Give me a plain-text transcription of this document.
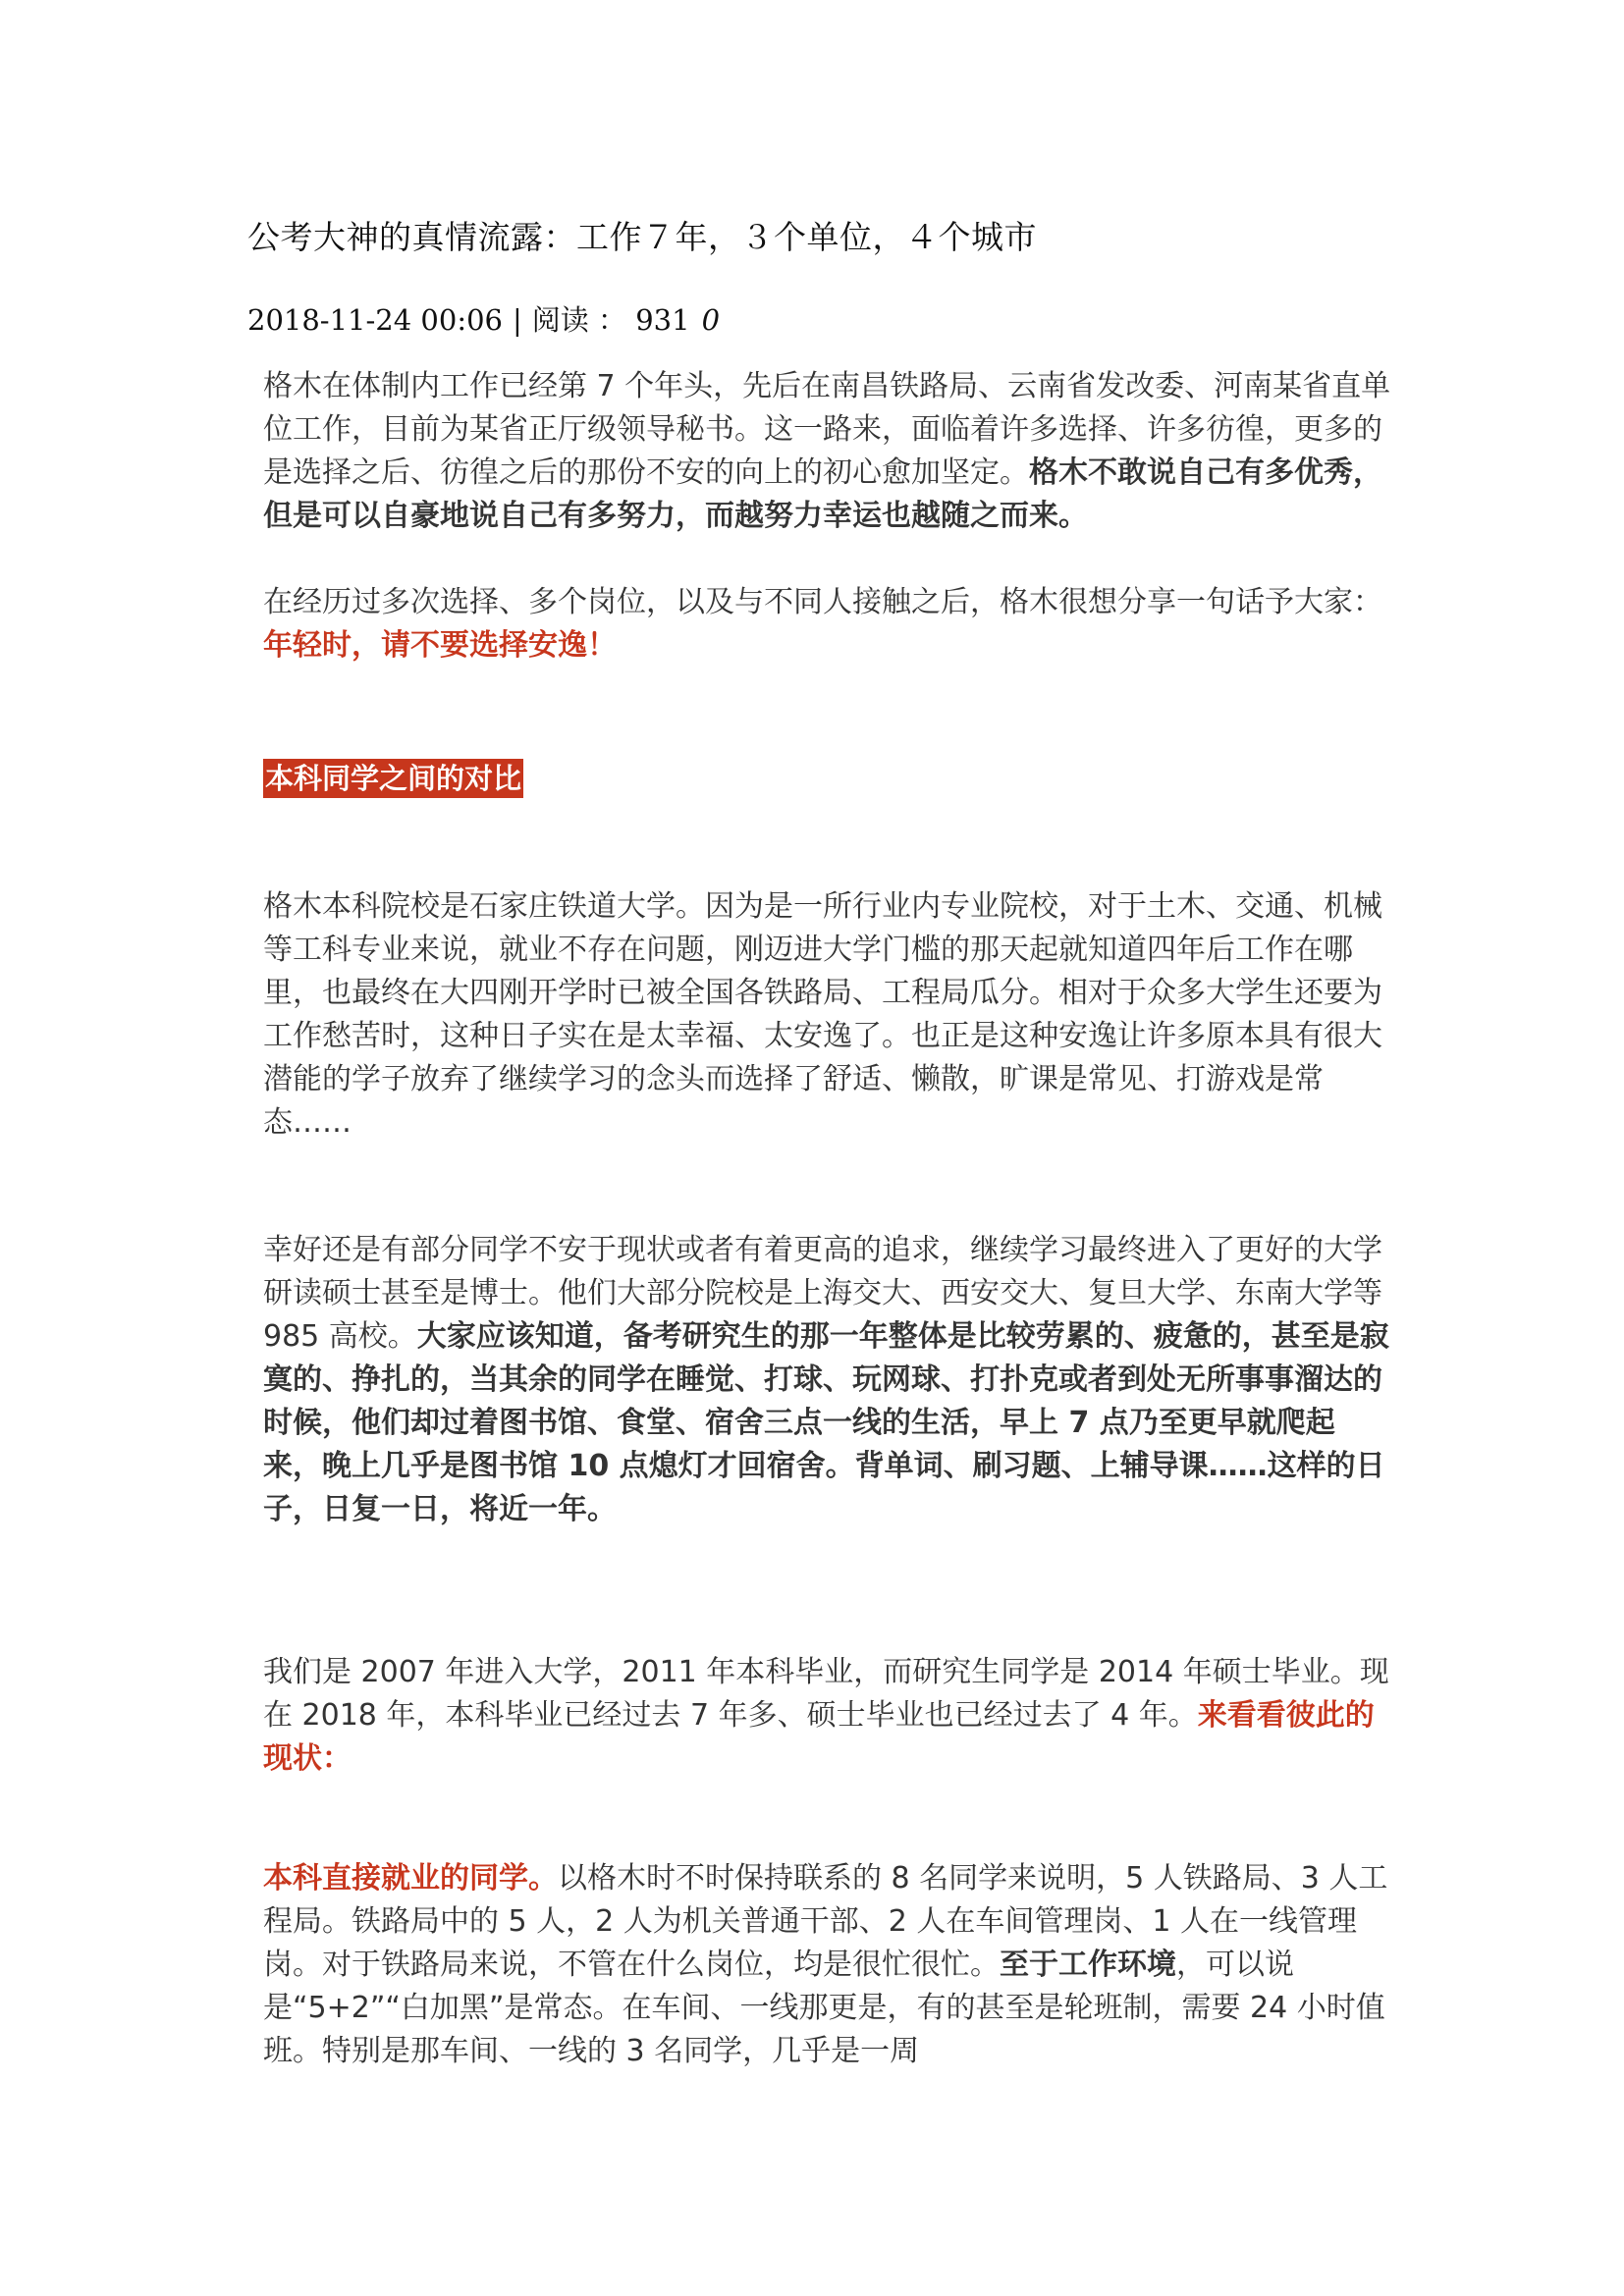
公考大神的真情流露：工作７年，３个单位，４个城市
2018-11-24 00:06 | 阅读 ： 931 0
格木在体制内工作已经第 7 个年头，先后在南昌铁路局、云南省发改委、河南某省直单位工作，目前为某省正厅级领导秘书。这一路来，面临着许多选择、许多彷徨，更多的是选择之后、彷徨之后的那份不安的向上的初心愈加坚定。格木不敢说自己有多优秀，但是可以自豪地说自己有多努力，而越努力幸运也越随之而来。
在经历过多次选择、多个岗位，以及与不同人接触之后，格木很想分享一句话予大家：年轻时，请不要选择安逸！
本科同学之间的对比
格木本科院校是石家庄铁道大学。因为是一所行业内专业院校，对于土木、交通、机械等工科专业来说，就业不存在问题，刚迈进大学门槛的那天起就知道四年后工作在哪里，也最终在大四刚开学时已被全国各铁路局、工程局瓜分。相对于众多大学生还要为工作愁苦时，这种日子实在是太幸福、太安逸了。也正是这种安逸让许多原本具有很大潜能的学子放弃了继续学习的念头而选择了舒适、懒散，旷课是常见、打游戏是常态……
幸好还是有部分同学不安于现状或者有着更高的追求，继续学习最终进入了更好的大学研读硕士甚至是博士。他们大部分院校是上海交大、西安交大、复旦大学、东南大学等 985 高校。大家应该知道，备考研究生的那一年整体是比较劳累的、疲惫的，甚至是寂寞的、挣扎的，当其余的同学在睡觉、打球、玩网球、打扑克或者到处无所事事溜达的时候，他们却过着图书馆、食堂、宿舍三点一线的生活，早上 7 点乃至更早就爬起来，晚上几乎是图书馆 10 点熄灯才回宿舍。背单词、刷习题、上辅导课……这样的日子，日复一日，将近一年。
我们是 2007 年进入大学，2011 年本科毕业，而研究生同学是 2014 年硕士毕业。现在 2018 年，本科毕业已经过去 7 年多、硕士毕业也已经过去了 4 年。来看看彼此的现状：
本科直接就业的同学。以格木时不时保持联系的 8 名同学来说明，5 人铁路局、3 人工程局。铁路局中的 5 人，2 人为机关普通干部、2 人在车间管理岗、1 人在一线管理岗。对于铁路局来说，不管在什么岗位，均是很忙很忙。至于工作环境，可以说是“5+2”“白加黑”是常态。在车间、一线那更是，有的甚至是轮班制，需要 24 小时值班。特别是那车间、一线的 3 名同学，几乎是一周
